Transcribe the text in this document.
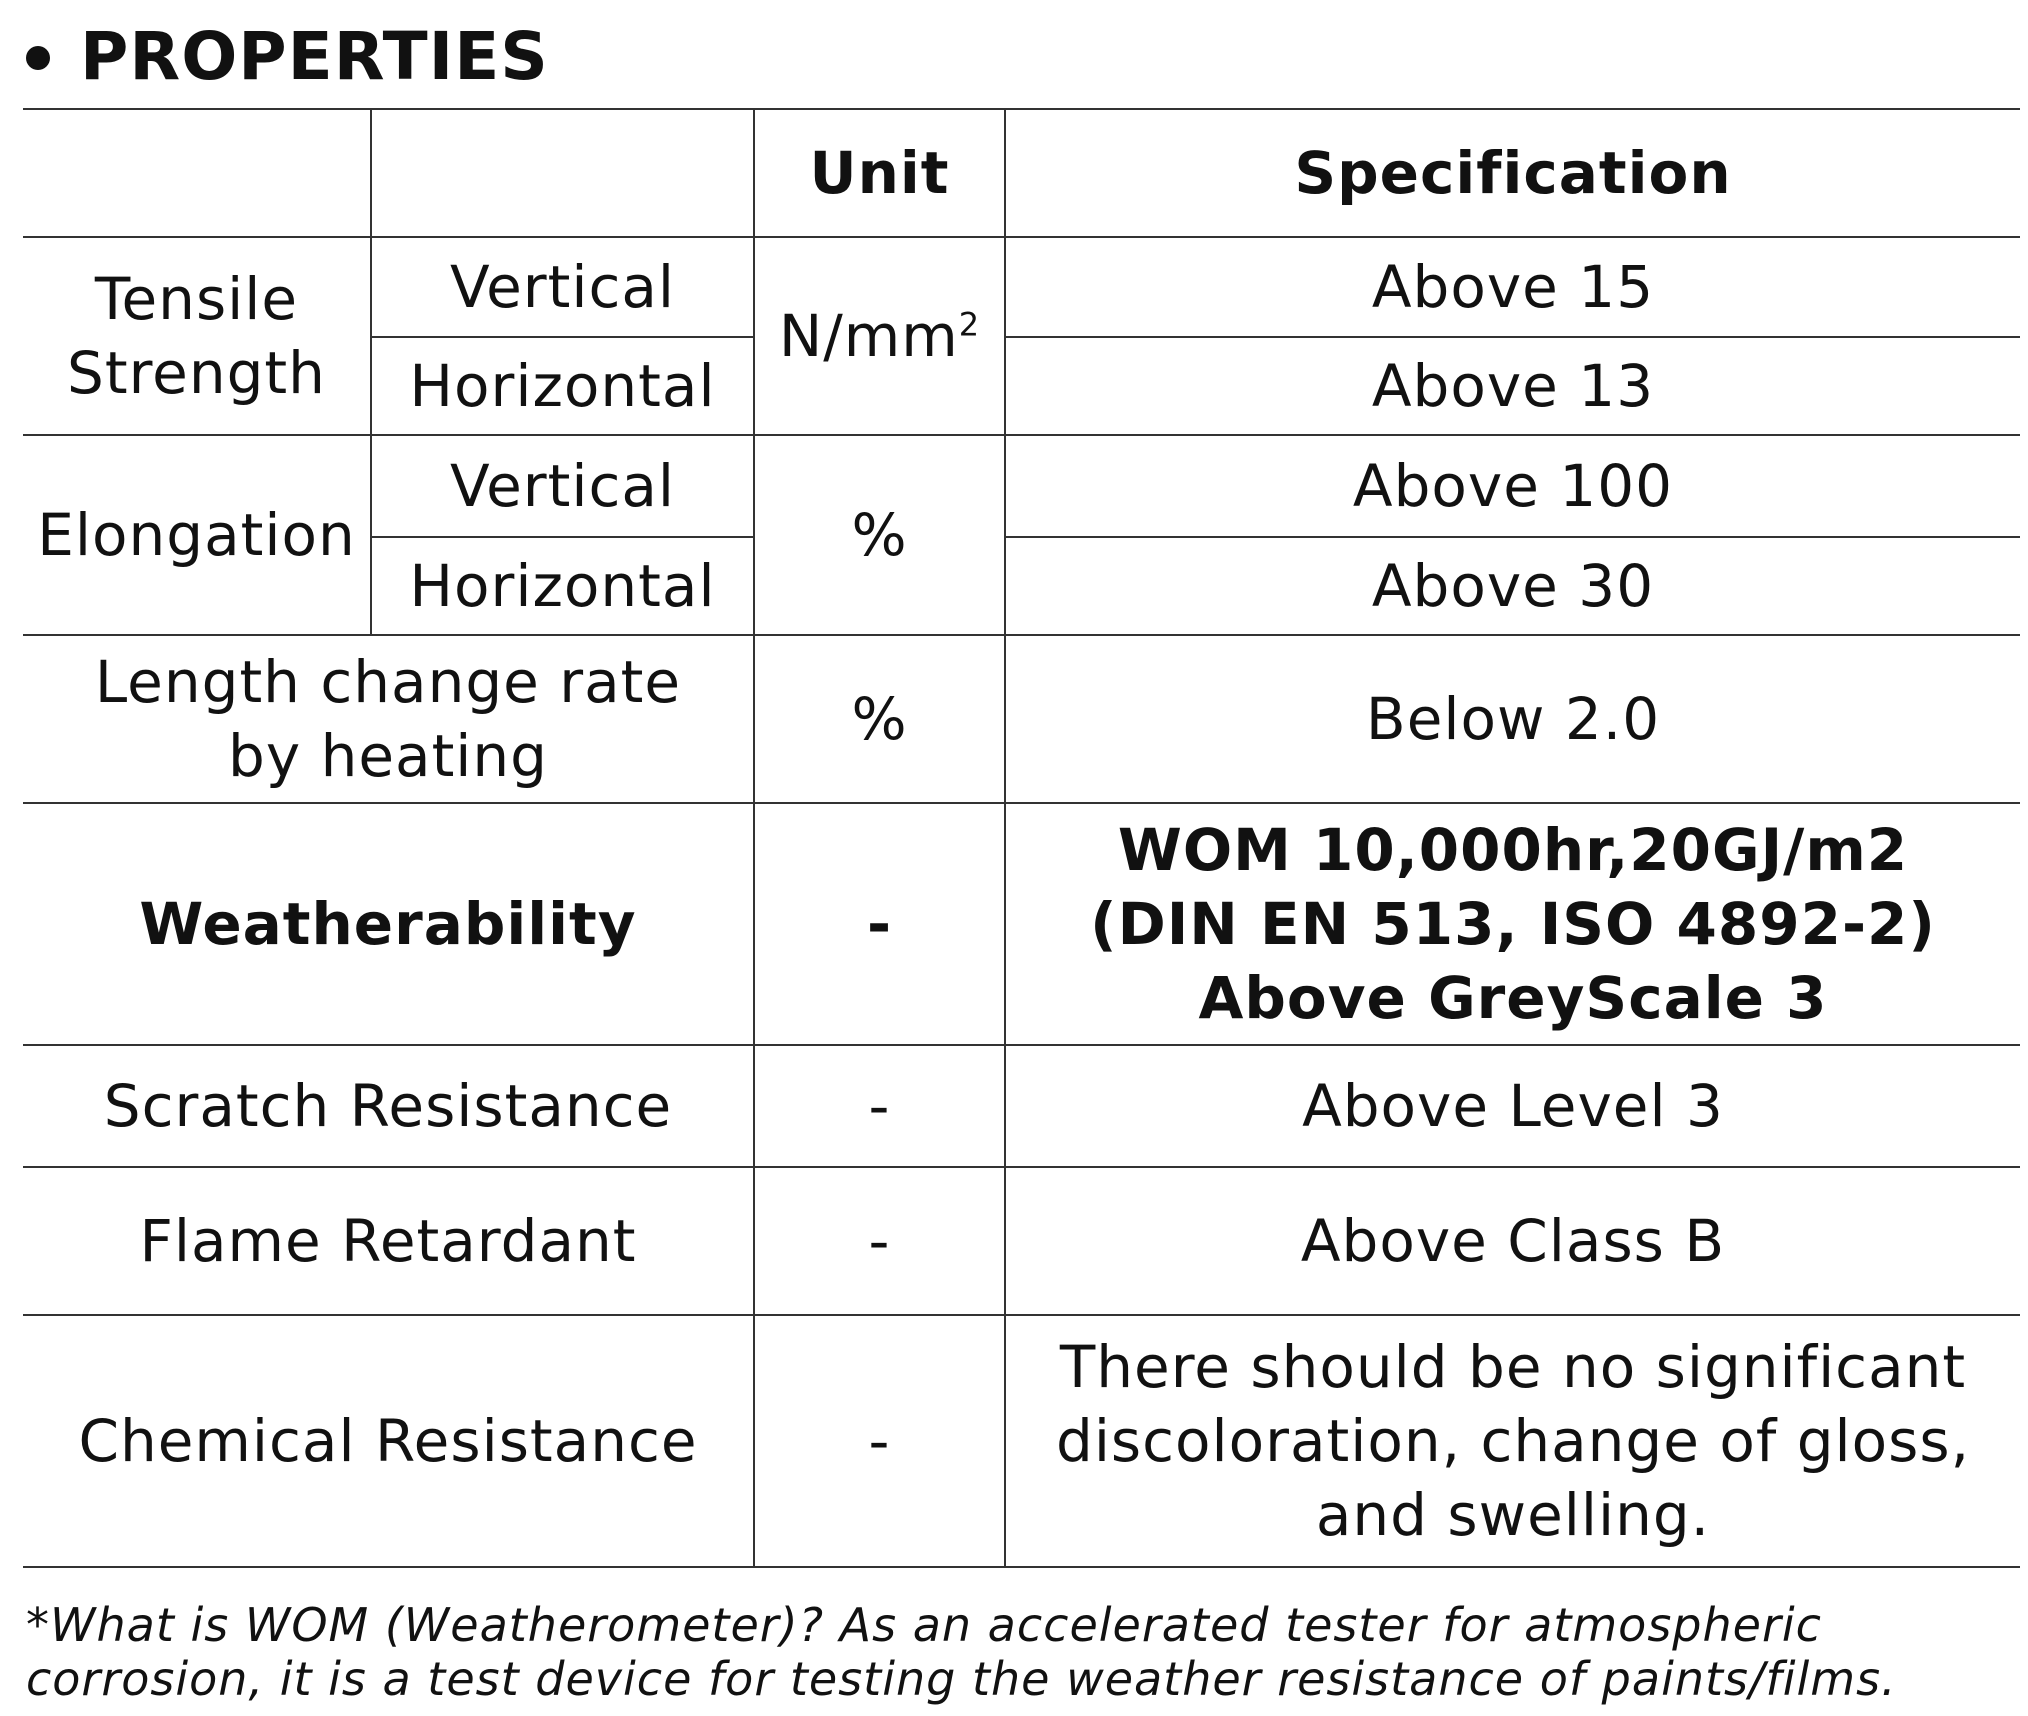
PROPERTIES
		Unit	Specification
Tensile Strength	Vertical	$N/mm^2$	Above 15
	Horizontal		Above 13
Elongation	Vertical	%	Above 100
	Horizontal		Above 30
Length change rate by heating		%	Below 2.0
Weatherability		-	WOM 10,000hr,20GJ/m2
(DIN EN 513, ISO 4892-2)
Above GreyScale 3

Scratch Resistance		-	Above Level 3
Flame Retardant		-	Above Class B
Chemical Resistance		-	There should be no significant discoloration, change of gloss, and swelling.
*What is WOM (Weatherometer)? As an accelerated tester for atmospheric corrosion, it is a test device for testing the weather resistance of paints/films.
